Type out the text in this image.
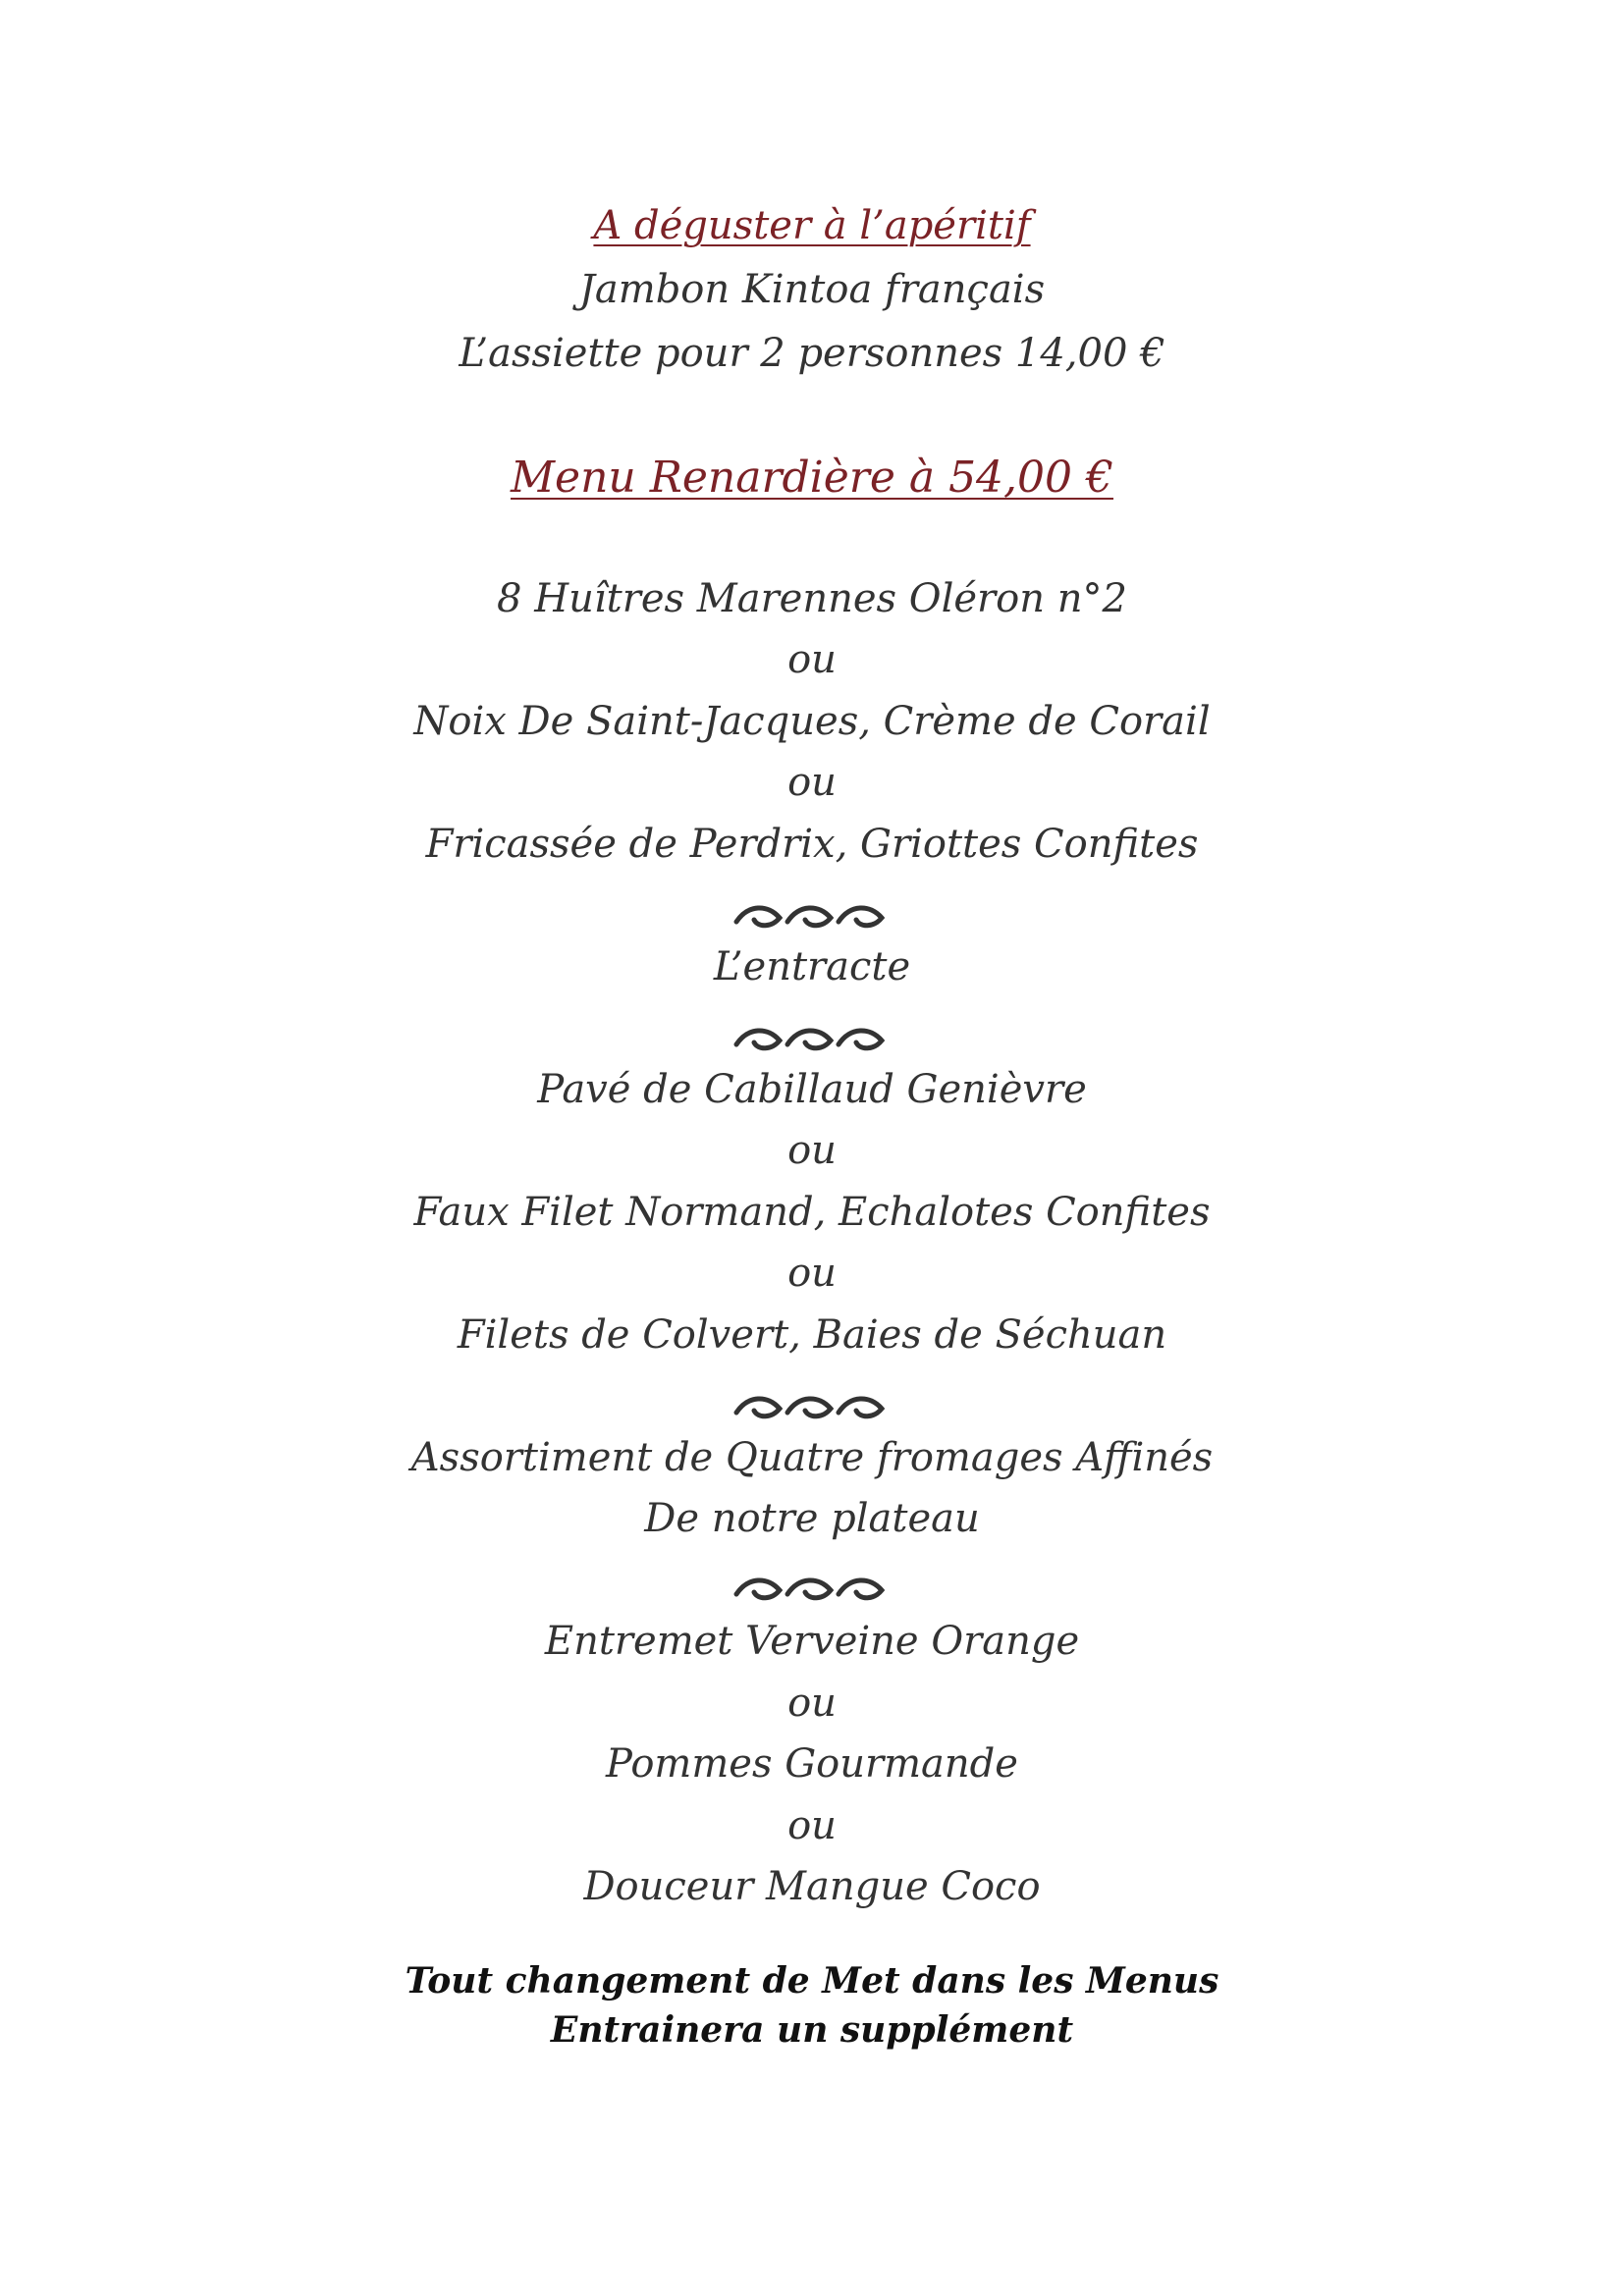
A déguster à l’apéritif
Jambon Kintoa français
L’assiette pour 2 personnes 14,00 €
Menu Renardière à 54,00 €
8 Huîtres Marennes Oléron n°2
ou
Noix De Saint-Jacques, Crème de Corail
ou
Fricassée de Perdrix, Griottes Confites
L’entracte
Pavé de Cabillaud Genièvre
ou
Faux Filet Normand, Echalotes Confites
ou
Filets de Colvert, Baies de Séchuan
Assortiment de Quatre fromages Affinés
De notre plateau
Entremet Verveine Orange
ou
Pommes Gourmande
ou
Douceur Mangue Coco
Tout changement de Met dans les Menus
Entrainera un supplément
